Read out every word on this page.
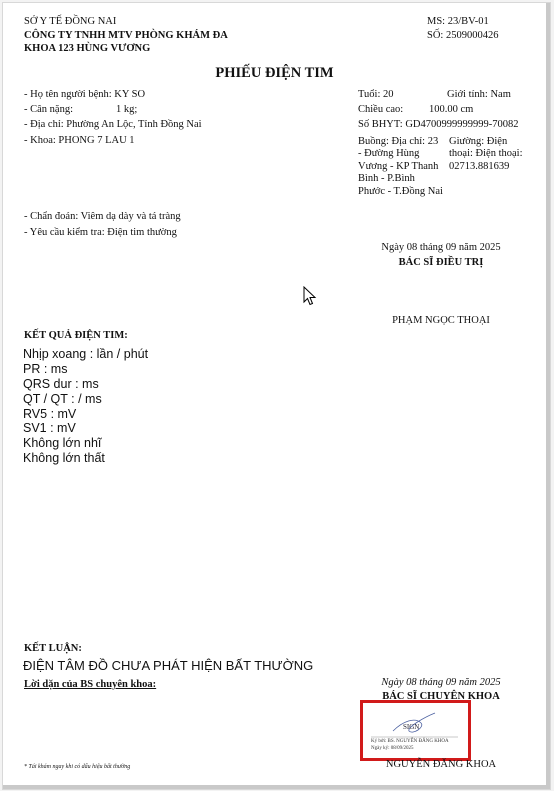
SỞ Y TẾ ĐỒNG NAI
CÔNG TY TNHH MTV PHÒNG KHÁM ĐA
KHOA 123 HÙNG VƯƠNG
MS: 23/BV-01
SỐ: 2509000426
PHIẾU ĐIỆN TIM
- Họ tên người bệnh: KY SO
- Cân nặng:	1 kg;
- Địa chỉ: Phường An Lộc, Tỉnh Đồng Nai
- Khoa: PHONG 7 LAU 1
Tuổi: 20	Giới tính: Nam
Chiều cao: 100.00 cm
Số BHYT: GD4700999999999-70082
Buồng: Địa chỉ: 23 - Đường Hùng Vương - KP Thanh Bình - P.Bình Phước - T.Đồng Nai
Giường: Điện thoại: Điện thoại: 02713.881639
- Chẩn đoán: Viêm dạ dày và tá tràng
- Yêu cầu kiểm tra: Điện tim thường
Ngày 08 tháng 09 năm 2025
BÁC SĨ ĐIỀU TRỊ
PHẠM NGỌC THOẠI
KẾT QUẢ ĐIỆN TIM:
Nhịp xoang : lần / phút
PR : ms
QRS dur : ms
QT / QT : / ms
RV5 : mV
SV1 : mV
Không lớn nhĩ
Không lớn thất
KẾT LUẬN:
ĐIỆN TÂM ĐỒ CHƯA PHÁT HIỆN BẤT THƯỜNG
Lời dặn của BS chuyên khoa:	Ngày 08 tháng 09 năm 2025
BÁC SĨ CHUYÊN KHOA
SIGN
Ký bởi: BS. NGUYỄN ĐĂNG KHOA
Ngày ký: 08/09/2025
NGUYỄN ĐĂNG KHOA
* Tái khám ngay khi có dấu hiệu bất thường
